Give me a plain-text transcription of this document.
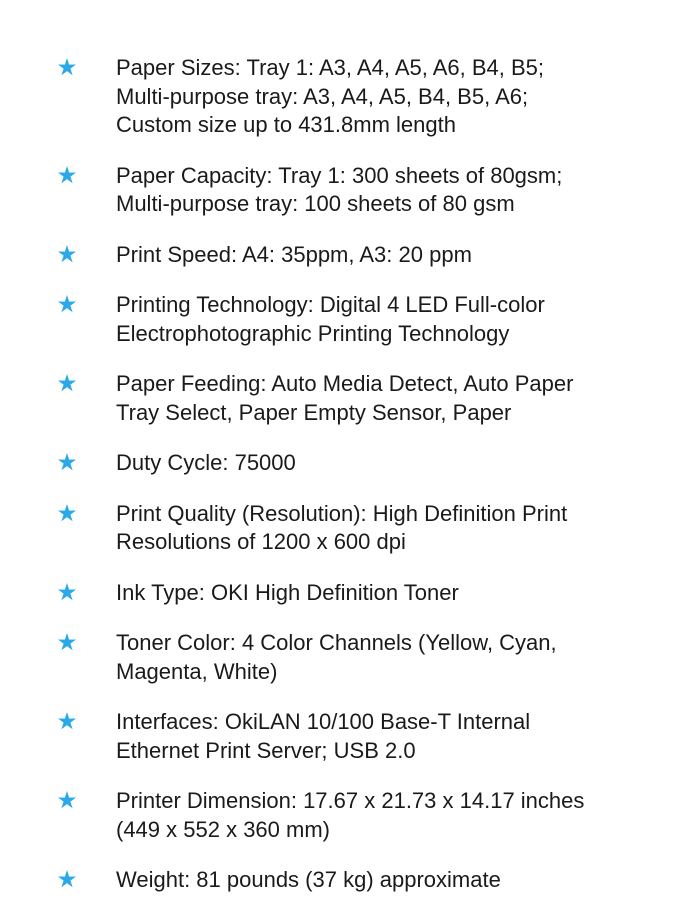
Paper Sizes: Tray 1: A3, A4, A5, A6, B4, B5;
Multi-purpose tray: A3, A4, A5, B4, B5, A6;
Custom size up to 431.8mm length
Paper Capacity: Tray 1: 300 sheets of 80gsm;
Multi-purpose tray: 100 sheets of 80 gsm
Print Speed: A4: 35ppm, A3: 20 ppm
Printing Technology: Digital 4 LED Full-color
Electrophotographic Printing Technology
Paper Feeding: Auto Media Detect, Auto Paper
Tray Select, Paper Empty Sensor, Paper
Duty Cycle: 75000
Print Quality (Resolution): High Definition Print
Resolutions of 1200 x 600 dpi
Ink Type: OKI High Definition Toner
Toner Color: 4 Color Channels (Yellow, Cyan,
Magenta, White)
Interfaces: OkiLAN 10/100 Base-T Internal
Ethernet Print Server; USB 2.0
Printer Dimension: 17.67 x 21.73 x 14.17 inches
(449 x 552 x 360 mm)
Weight: 81 pounds (37 kg) approximate
